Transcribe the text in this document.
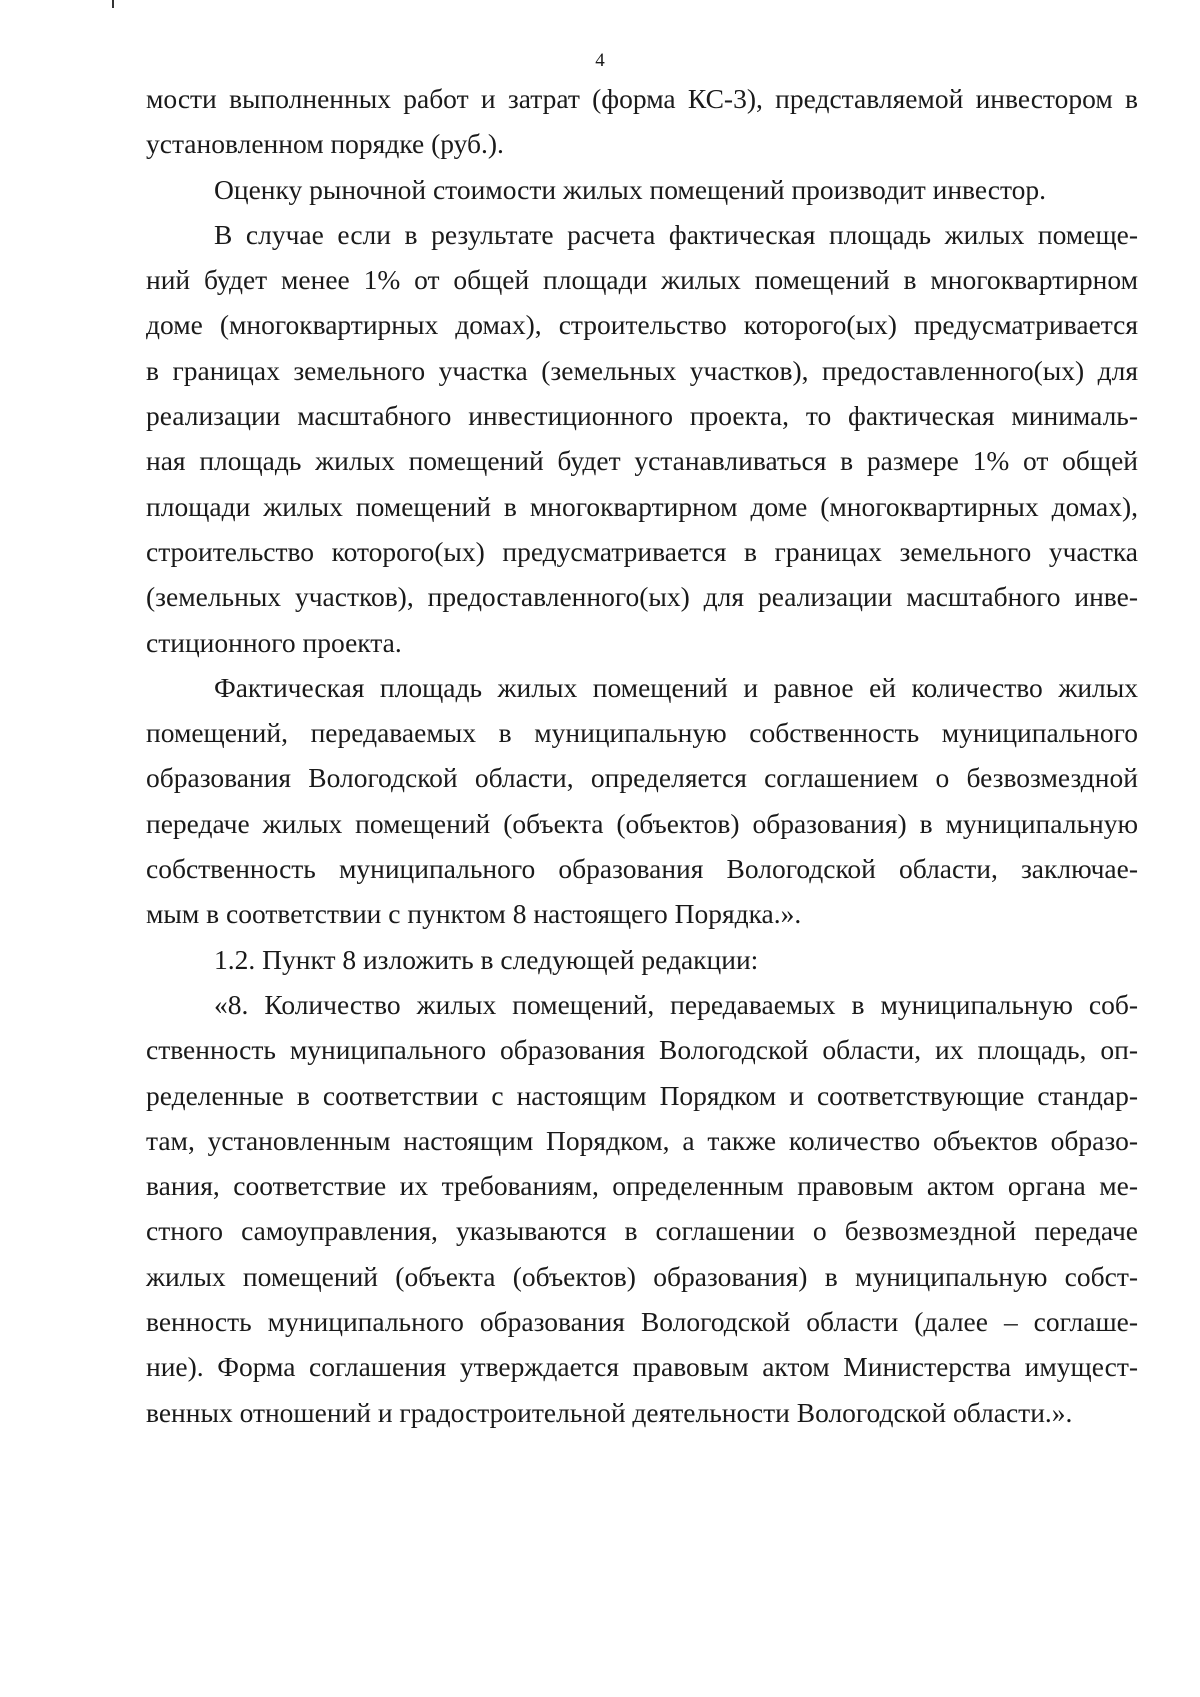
4
мости выполненных работ и затрат (форма КС-3), представляемой инвестором в
установленном порядке (руб.).
Оценку рыночной стоимости жилых помещений производит инвестор.
В случае если в результате расчета фактическая площадь жилых помеще-
ний будет менее 1% от общей площади жилых помещений в многоквартирном
доме (многоквартирных домах), строительство которого(ых) предусматривается
в границах земельного участка (земельных участков), предоставленного(ых) для
реализации масштабного инвестиционного проекта, то фактическая минималь-
ная площадь жилых помещений будет устанавливаться в размере 1% от общей
площади жилых помещений в многоквартирном доме (многоквартирных домах),
строительство которого(ых) предусматривается в границах земельного участка
(земельных участков), предоставленного(ых) для реализации масштабного инве-
стиционного проекта.
Фактическая площадь жилых помещений и равное ей количество жилых
помещений, передаваемых в муниципальную собственность муниципального
образования Вологодской области, определяется соглашением о безвозмездной
передаче жилых помещений (объекта (объектов) образования) в муниципальную
собственность муниципального образования Вологодской области, заключае-
мым в соответствии с пунктом 8 настоящего Порядка.».
1.2. Пункт 8 изложить в следующей редакции:
«8. Количество жилых помещений, передаваемых в муниципальную соб-
ственность муниципального образования Вологодской области, их площадь, оп-
ределенные в соответствии с настоящим Порядком и соответствующие стандар-
там, установленным настоящим Порядком, а также количество объектов образо-
вания, соответствие их требованиям, определенным правовым актом органа ме-
стного самоуправления, указываются в соглашении о безвозмездной передаче
жилых помещений (объекта (объектов) образования) в муниципальную собст-
венность муниципального образования Вологодской области (далее – соглаше-
ние). Форма соглашения утверждается правовым актом Министерства имущест-
венных отношений и градостроительной деятельности Вологодской области.».
